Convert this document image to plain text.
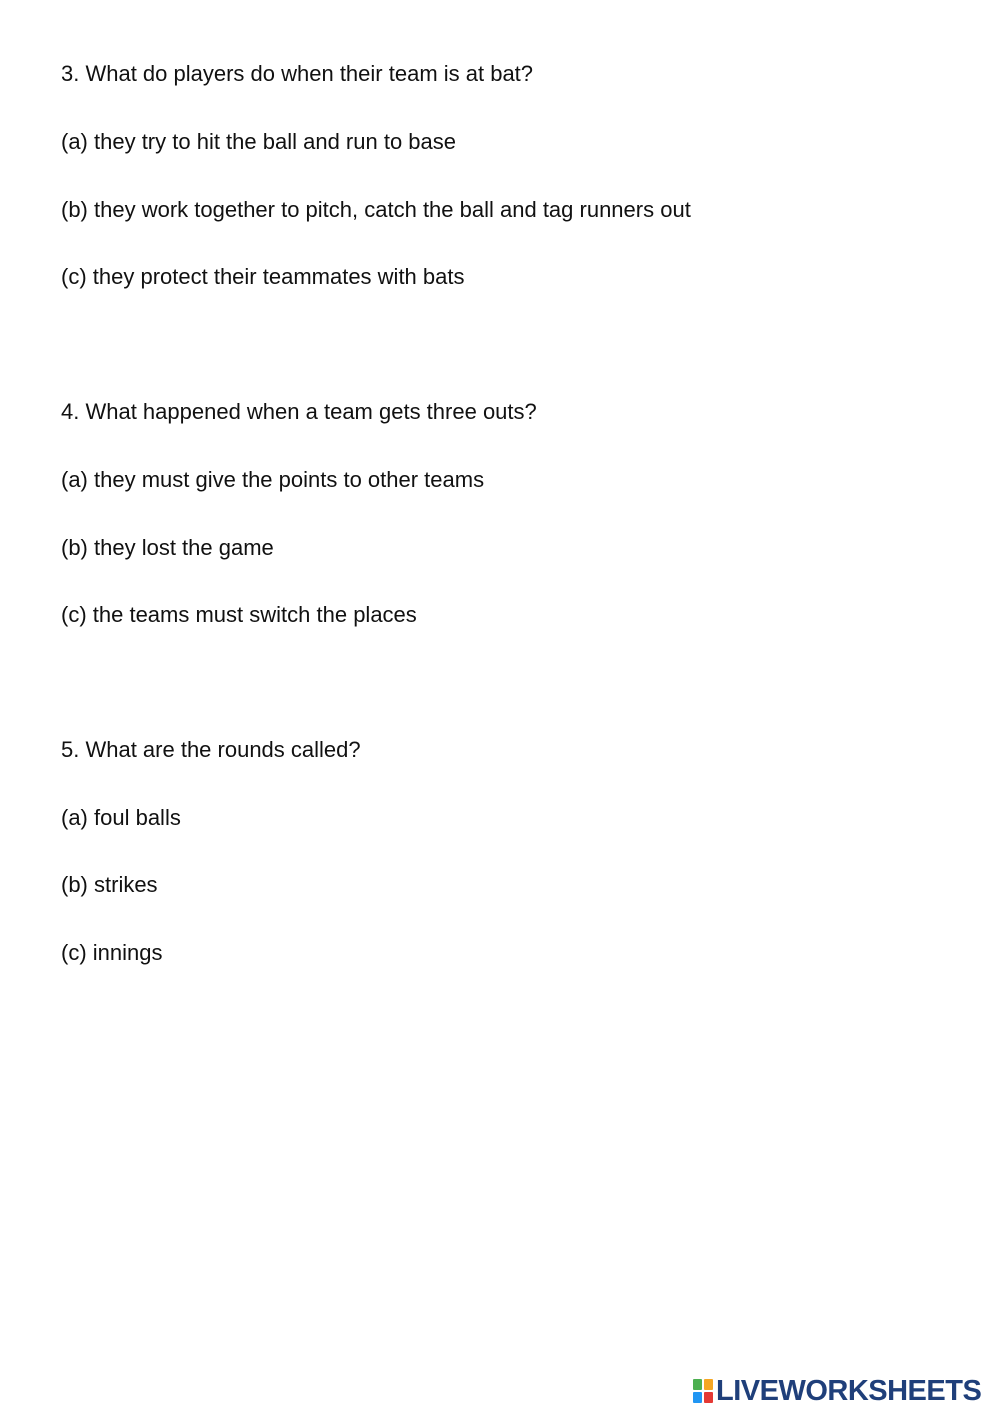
3. What do players do when their team is at bat?

(a) they try to hit the ball and run to base

(b) they work together to pitch, catch the ball and tag runners out

(c) they protect their teammates with bats

4. What happened when a team gets three outs?

(a) they must give the points to other teams

(b) they lost the game

(c) the teams must switch the places

5. What are the rounds called?

(a) foul balls

(b) strikes

(c) innings

LIVEWORKSHEETS
